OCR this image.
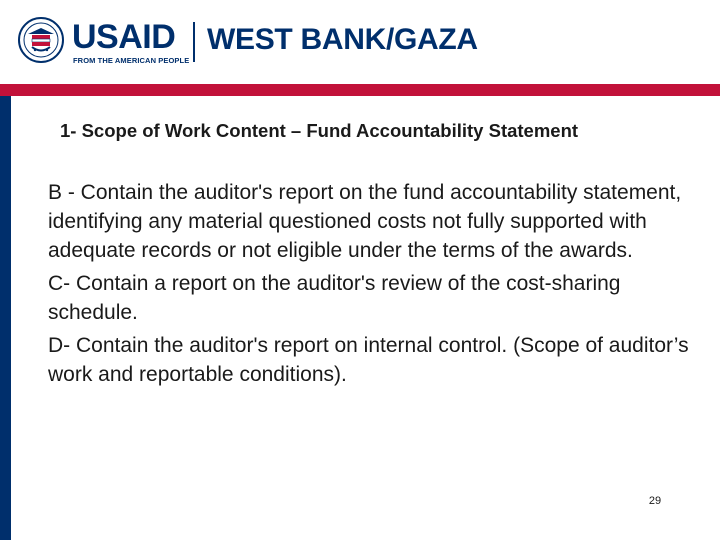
USAID
FROM THE AMERICAN PEOPLE
WEST BANK/GAZA
1- Scope of Work Content – Fund Accountability Statement

B - Contain the auditor's report on the fund accountability statement, identifying any material questioned costs not fully supported with adequate records or not eligible under the terms of the awards.

C- Contain a report on the auditor's review of the cost-sharing schedule.

D- Contain the auditor's report on internal control. (Scope of auditor’s work and reportable conditions).

29
